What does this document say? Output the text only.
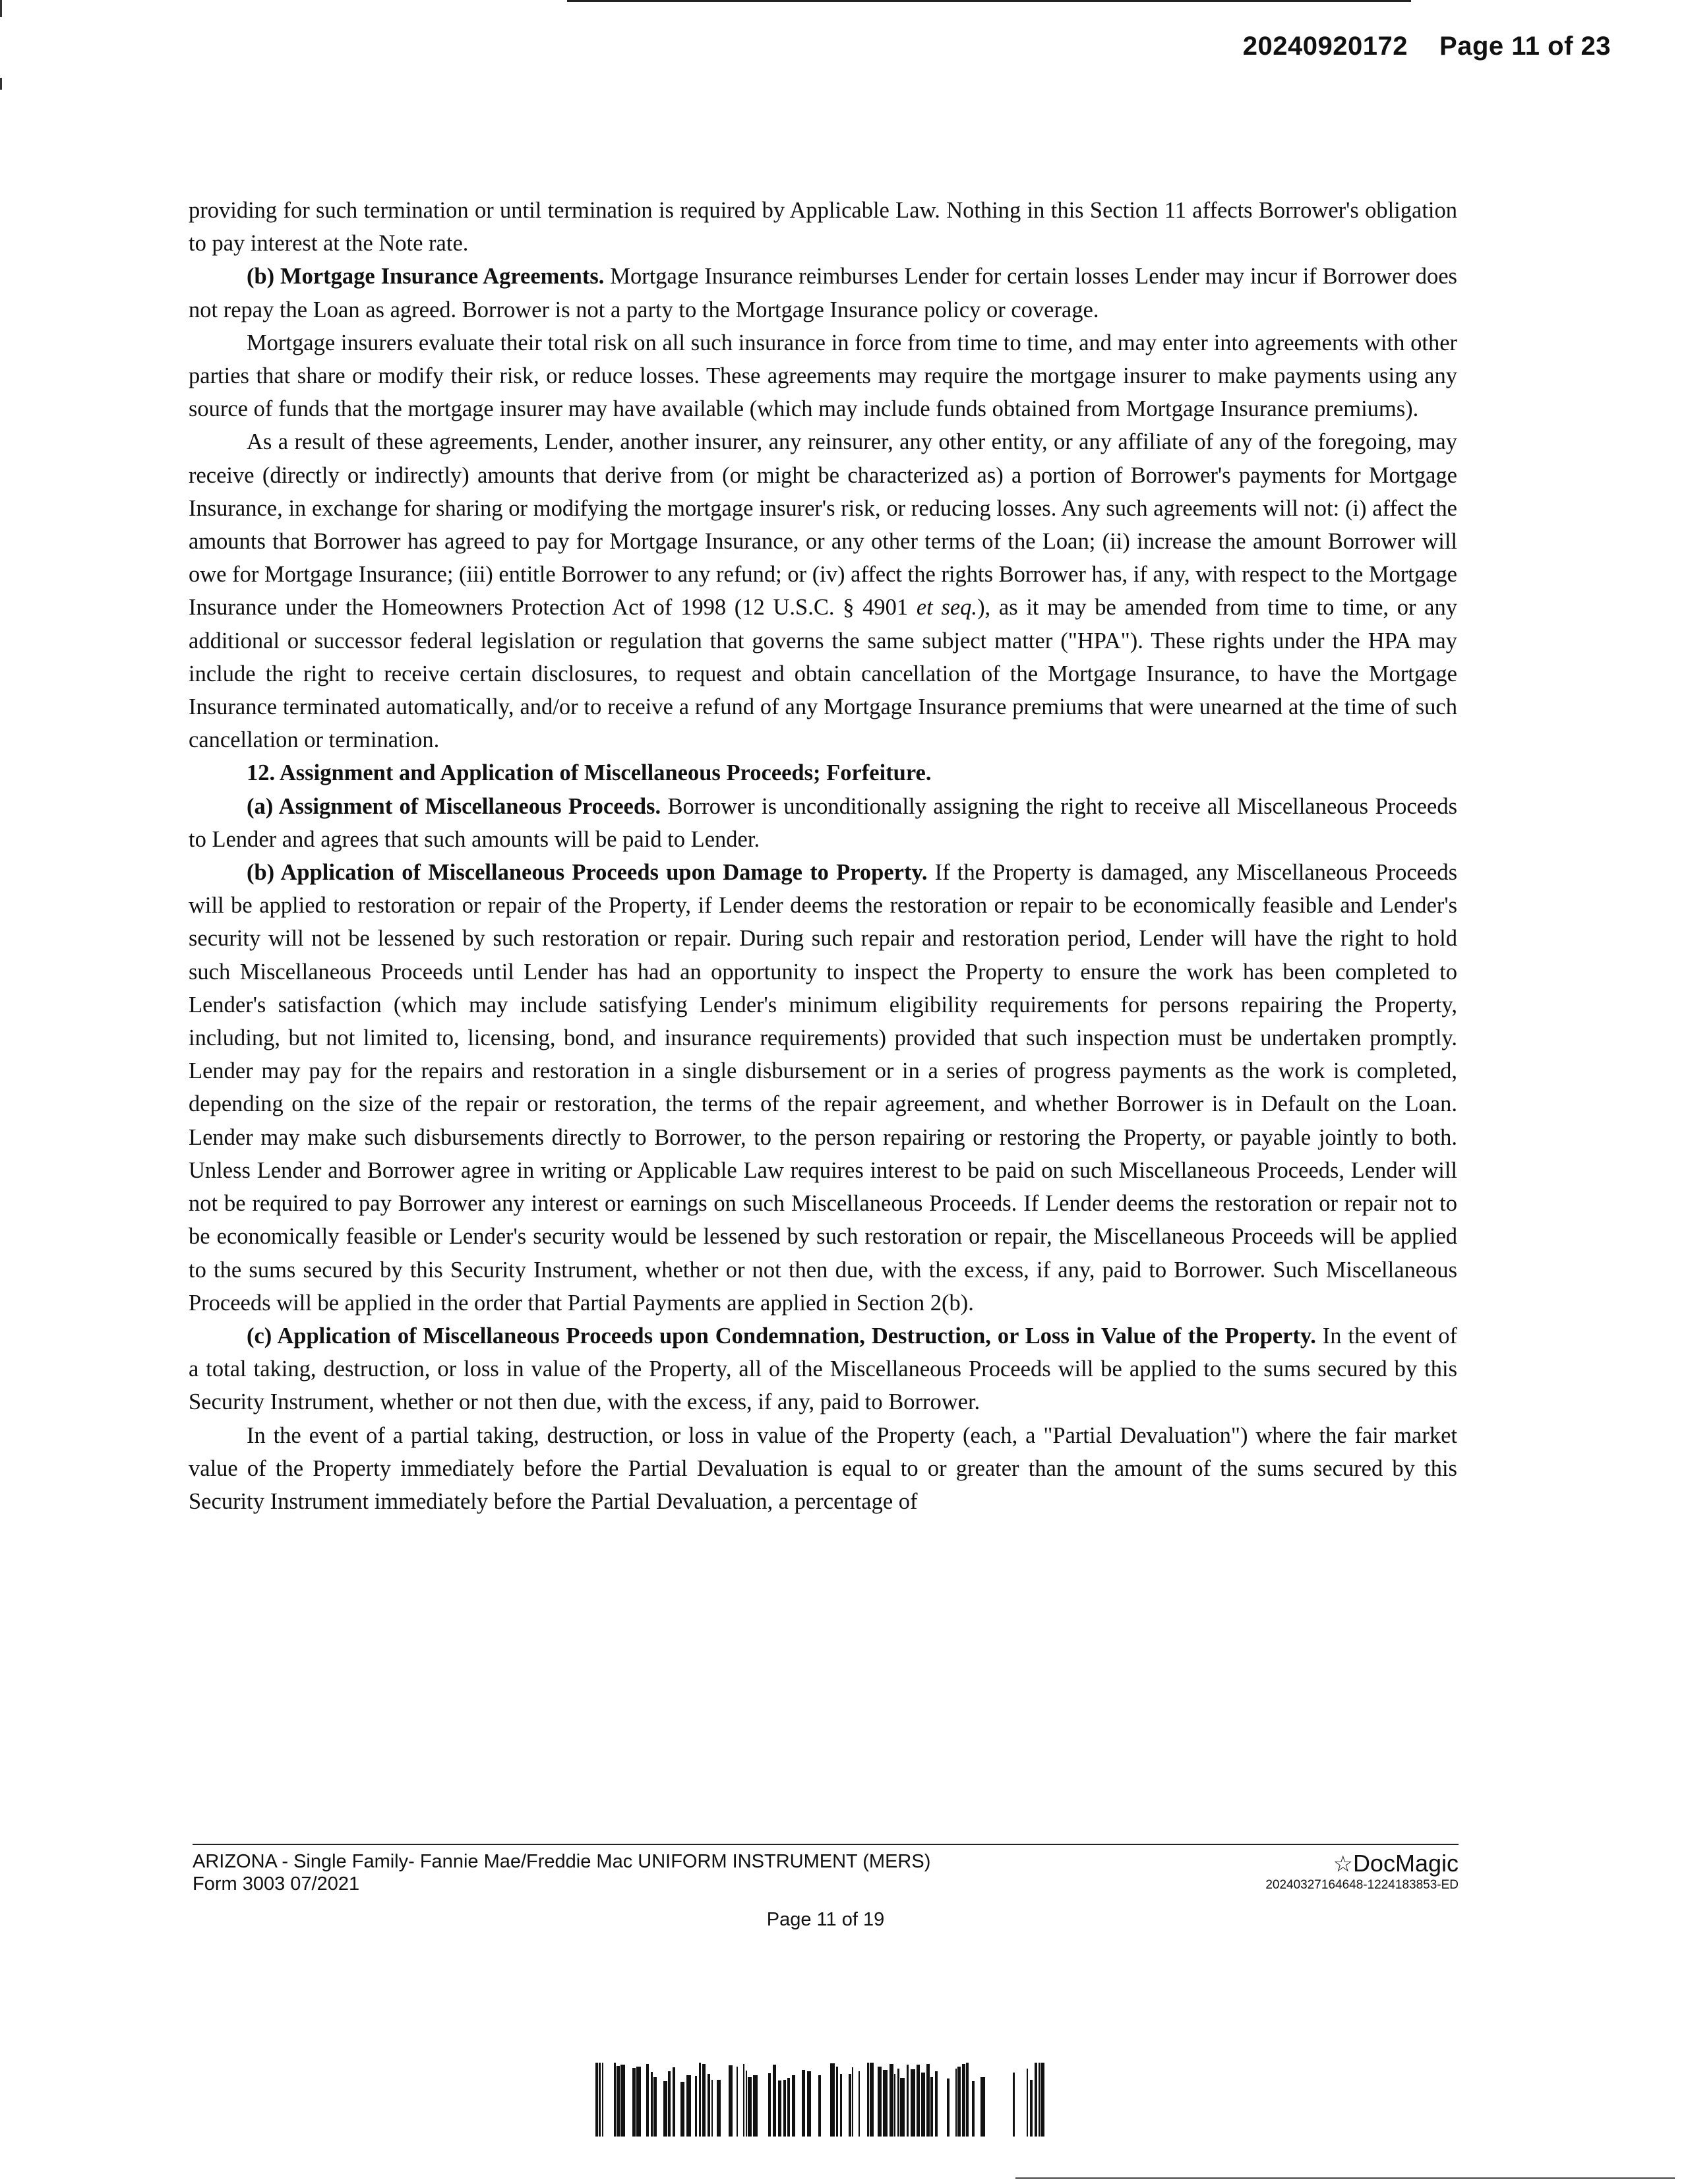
20240920172 Page 11 of 23

providing for such termination or until termination is required by Applicable Law. Nothing in this Section 11 affects Borrower's obligation to pay interest at the Note rate.

(b) Mortgage Insurance Agreements. Mortgage Insurance reimburses Lender for certain losses Lender may incur if Borrower does not repay the Loan as agreed. Borrower is not a party to the Mortgage Insurance policy or coverage.

Mortgage insurers evaluate their total risk on all such insurance in force from time to time, and may enter into agreements with other parties that share or modify their risk, or reduce losses. These agreements may require the mortgage insurer to make payments using any source of funds that the mortgage insurer may have available (which may include funds obtained from Mortgage Insurance premiums).

As a result of these agreements, Lender, another insurer, any reinsurer, any other entity, or any affiliate of any of the foregoing, may receive (directly or indirectly) amounts that derive from (or might be characterized as) a portion of Borrower's payments for Mortgage Insurance, in exchange for sharing or modifying the mortgage insurer's risk, or reducing losses. Any such agreements will not: (i) affect the amounts that Borrower has agreed to pay for Mortgage Insurance, or any other terms of the Loan; (ii) increase the amount Borrower will owe for Mortgage Insurance; (iii) entitle Borrower to any refund; or (iv) affect the rights Borrower has, if any, with respect to the Mortgage Insurance under the Homeowners Protection Act of 1998 (12 U.S.C. § 4901 et seq.), as it may be amended from time to time, or any additional or successor federal legislation or regulation that governs the same subject matter ("HPA"). These rights under the HPA may include the right to receive certain disclosures, to request and obtain cancellation of the Mortgage Insurance, to have the Mortgage Insurance terminated automatically, and/or to receive a refund of any Mortgage Insurance premiums that were unearned at the time of such cancellation or termination.

12. Assignment and Application of Miscellaneous Proceeds; Forfeiture.

(a) Assignment of Miscellaneous Proceeds. Borrower is unconditionally assigning the right to receive all Miscellaneous Proceeds to Lender and agrees that such amounts will be paid to Lender.

(b) Application of Miscellaneous Proceeds upon Damage to Property. If the Property is damaged, any Miscellaneous Proceeds will be applied to restoration or repair of the Property, if Lender deems the restoration or repair to be economically feasible and Lender's security will not be lessened by such restoration or repair. During such repair and restoration period, Lender will have the right to hold such Miscellaneous Proceeds until Lender has had an opportunity to inspect the Property to ensure the work has been completed to Lender's satisfaction (which may include satisfying Lender's minimum eligibility requirements for persons repairing the Property, including, but not limited to, licensing, bond, and insurance requirements) provided that such inspection must be undertaken promptly. Lender may pay for the repairs and restoration in a single disbursement or in a series of progress payments as the work is completed, depending on the size of the repair or restoration, the terms of the repair agreement, and whether Borrower is in Default on the Loan. Lender may make such disbursements directly to Borrower, to the person repairing or restoring the Property, or payable jointly to both. Unless Lender and Borrower agree in writing or Applicable Law requires interest to be paid on such Miscellaneous Proceeds, Lender will not be required to pay Borrower any interest or earnings on such Miscellaneous Proceeds. If Lender deems the restoration or repair not to be economically feasible or Lender's security would be lessened by such restoration or repair, the Miscellaneous Proceeds will be applied to the sums secured by this Security Instrument, whether or not then due, with the excess, if any, paid to Borrower. Such Miscellaneous Proceeds will be applied in the order that Partial Payments are applied in Section 2(b).

(c) Application of Miscellaneous Proceeds upon Condemnation, Destruction, or Loss in Value of the Property. In the event of a total taking, destruction, or loss in value of the Property, all of the Miscellaneous Proceeds will be applied to the sums secured by this Security Instrument, whether or not then due, with the excess, if any, paid to Borrower.

In the event of a partial taking, destruction, or loss in value of the Property (each, a "Partial Devaluation") where the fair market value of the Property immediately before the Partial Devaluation is equal to or greater than the amount of the sums secured by this Security Instrument immediately before the Partial Devaluation, a percentage of

ARIZONA - Single Family- Fannie Mae/Freddie Mac UNIFORM INSTRUMENT (MERS)
Form 3003 07/2021
☆DocMagic
20240327164648-1224183853-ED
Page 11 of 19
